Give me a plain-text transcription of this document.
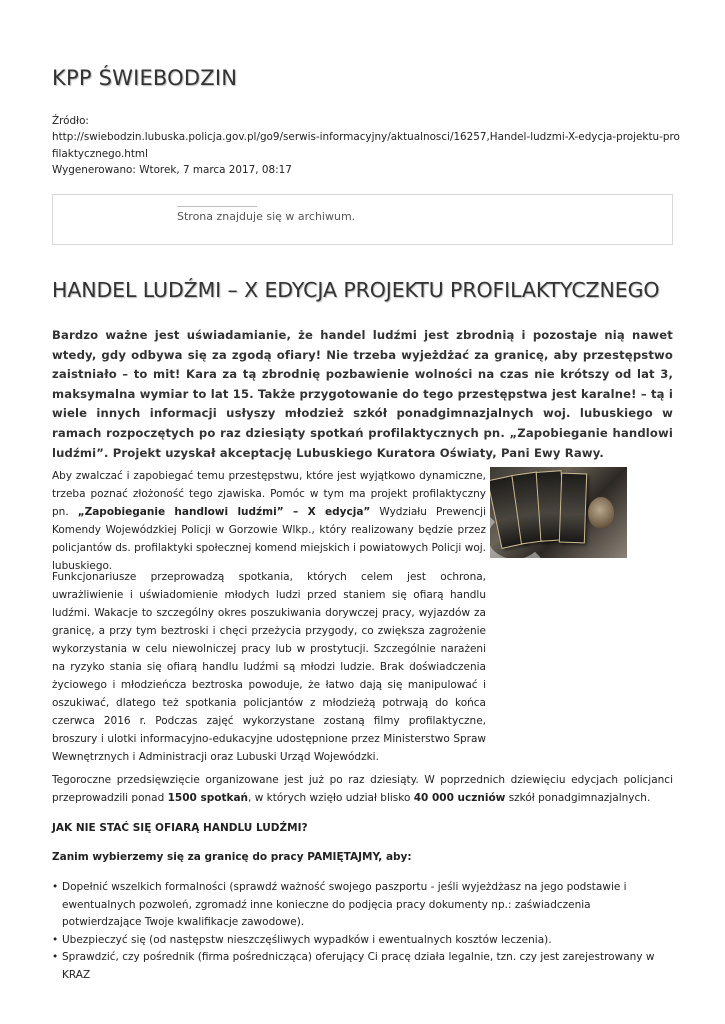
KPP ŚWIEBODZIN
Źródło:
http://swiebodzin.lubuska.policja.gov.pl/go9/serwis-informacyjny/aktualnosci/16257,Handel-ludzmi-X-edycja-projektu-profilaktycznego.html
Wygenerowano: Wtorek, 7 marca 2017, 08:17
Strona znajduje się w archiwum.
HANDEL LUDŹMI – X EDYCJA PROJEKTU PROFILAKTYCZNEGO

Bardzo ważne jest uświadamianie, że handel ludźmi jest zbrodnią i pozostaje nią nawet wtedy, gdy odbywa się za zgodą ofiary! Nie trzeba wyjeżdżać za granicę, aby przestępstwo zaistniało – to mit! Kara za tą zbrodnię pozbawienie wolności na czas nie krótszy od lat 3, maksymalna wymiar to lat 15. Także przygotowanie do tego przestępstwa jest karalne! – tą i wiele innych informacji usłyszy młodzież szkół ponadgimnazjalnych woj. lubuskiego w ramach rozpoczętych po raz dziesiąty spotkań profilaktycznych pn. „Zapobieganie handlowi ludźmi”. Projekt uzyskał akceptację Lubuskiego Kuratora Oświaty, Pani Ewy Rawy.

Aby zwalczać i zapobiegać temu przestępstwu, które jest wyjątkowo dynamiczne, trzeba poznać złożoność tego zjawiska. Pomóc w tym ma projekt profilaktyczny pn. „Zapobieganie handlowi ludźmi” – X edycja” Wydziału Prewencji Komendy Wojewódzkiej Policji w Gorzowie Wlkp., który realizowany będzie przez policjantów ds. profilaktyki społecznej komend miejskich i powiatowych Policji woj. lubuskiego.

Funkcjonariusze przeprowadzą spotkania, których celem jest ochrona, uwrażliwienie i uświadomienie młodych ludzi przed staniem się ofiarą handlu ludźmi. Wakacje to szczególny okres poszukiwania dorywczej pracy, wyjazdów za granicę, a przy tym beztroski i chęci przeżycia przygody, co zwiększa zagrożenie wykorzystania w celu niewolniczej pracy lub w prostytucji. Szczególnie narażeni na ryzyko stania się ofiarą handlu ludźmi są młodzi ludzie. Brak doświadczenia życiowego i młodzieńcza beztroska powoduje, że łatwo dają się manipulować i oszukiwać, dlatego też spotkania policjantów z młodzieżą potrwają do końca czerwca 2016 r. Podczas zajęć wykorzystane zostaną filmy profilaktyczne, broszury i ulotki informacyjno-edukacyjne udostępnione przez Ministerstwo Spraw Wewnętrznych i Administracji oraz Lubuski Urząd Wojewódzki.

Tegoroczne przedsięwzięcie organizowane jest już po raz dziesiąty. W poprzednich dziewięciu edycjach policjanci przeprowadzili ponad 1500 spotkań, w których wzięło udział blisko 40 000 uczniów szkół ponadgimnazjalnych.

JAK NIE STAĆ SIĘ OFIARĄ HANDLU LUDŹMI?
Zanim wybierzemy się za granicę do pracy PAMIĘTAJMY, aby:
• Dopełnić wszelkich formalności (sprawdź ważność swojego paszportu - jeśli wyjeżdżasz na jego podstawie i ewentualnych pozwoleń, zgromadź inne konieczne do podjęcia pracy dokumenty np.: zaświadczenia potwierdzające Twoje kwalifikacje zawodowe).
• Ubezpieczyć się (od następstw nieszczęśliwych wypadków i ewentualnych kosztów leczenia).
• Sprawdzić, czy pośrednik (firma pośrednicząca) oferujący Ci pracę działa legalnie, tzn. czy jest zarejestrowany w KRAZ
